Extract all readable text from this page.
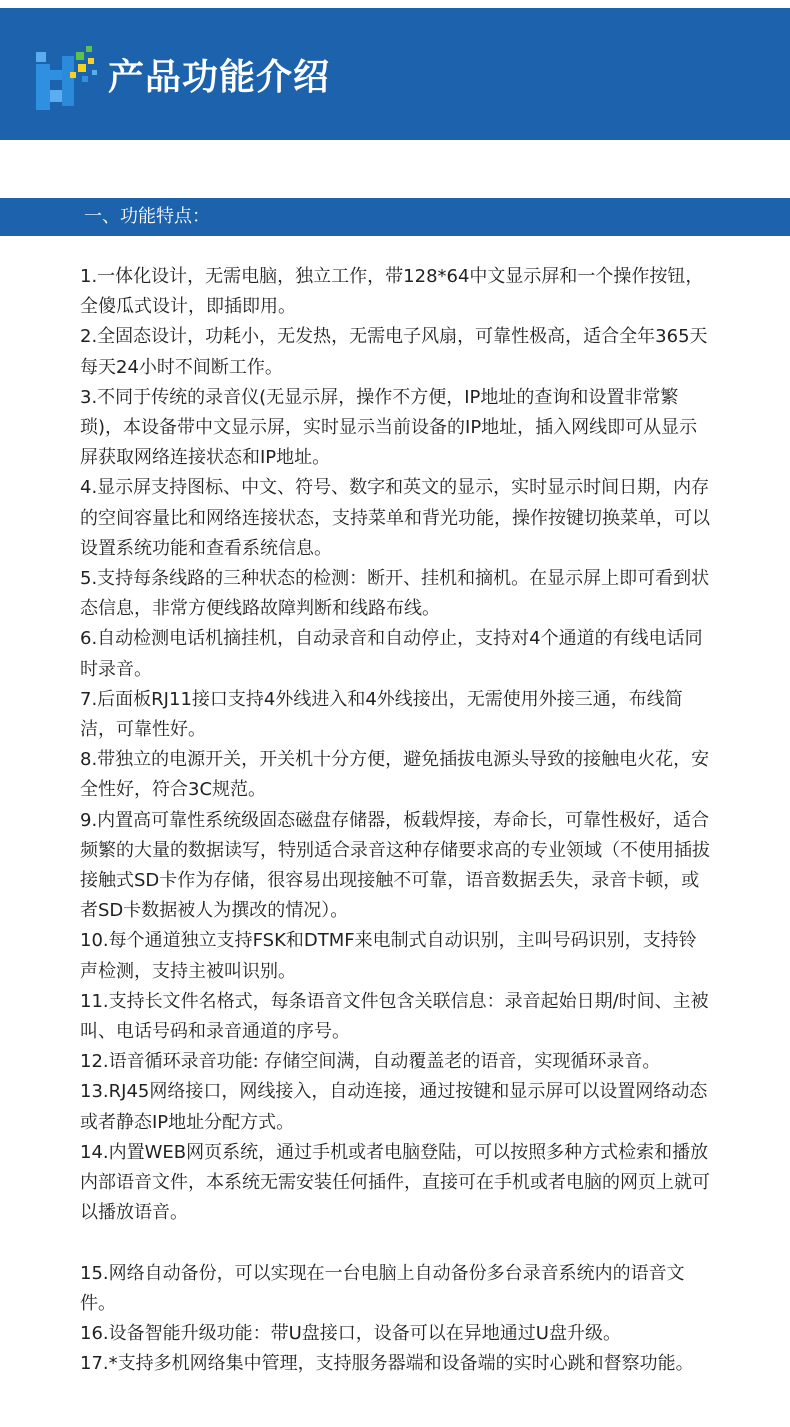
产品功能介绍
一、功能特点：

1.一体化设计，无需电脑，独立工作，带128*64中文显示屏和一个操作按钮，全傻瓜式设计，即插即用。

2.全固态设计，功耗小，无发热，无需电子风扇，可靠性极高，适合全年365天每天24小时不间断工作。

3.不同于传统的录音仪(无显示屏，操作不方便，IP地址的查询和设置非常繁琐)，本设备带中文显示屏，实时显示当前设备的IP地址，插入网线即可从显示屏获取网络连接状态和IP地址。

4.显示屏支持图标、中文、符号、数字和英文的显示，实时显示时间日期，内存的空间容量比和网络连接状态，支持菜单和背光功能，操作按键切换菜单，可以设置系统功能和查看系统信息。

5.支持每条线路的三种状态的检测：断开、挂机和摘机。在显示屏上即可看到状态信息，非常方便线路故障判断和线路布线。

6.自动检测电话机摘挂机，自动录音和自动停止，支持对4个通道的有线电话同时录音。

7.后面板RJ11接口支持4外线进入和4外线接出，无需使用外接三通，布线简洁，可靠性好。

8.带独立的电源开关，开关机十分方便，避免插拔电源头导致的接触电火花，安全性好，符合3C规范。

9.内置高可靠性系统级固态磁盘存储器，板载焊接，寿命长，可靠性极好，适合频繁的大量的数据读写，特别适合录音这种存储要求高的专业领域（不使用插拔接触式SD卡作为存储，很容易出现接触不可靠，语音数据丢失，录音卡顿，或者SD卡数据被人为撰改的情况）。

10.每个通道独立支持FSK和DTMF来电制式自动识别，主叫号码识别，支持铃声检测，支持主被叫识别。

11.支持长文件名格式，每条语音文件包含关联信息：录音起始日期/时间、主被叫、电话号码和录音通道的序号。

12.语音循环录音功能: 存储空间满，自动覆盖老的语音，实现循环录音。

13.RJ45网络接口，网线接入，自动连接，通过按键和显示屏可以设置网络动态或者静态IP地址分配方式。

14.内置WEB网页系统，通过手机或者电脑登陆，可以按照多种方式检索和播放内部语音文件，本系统无需安装任何插件，直接可在手机或者电脑的网页上就可以播放语音。

15.网络自动备份，可以实现在一台电脑上自动备份多台录音系统内的语音文件。

16.设备智能升级功能：带U盘接口，设备可以在异地通过U盘升级。

17.*支持多机网络集中管理，支持服务器端和设备端的实时心跳和督察功能。
